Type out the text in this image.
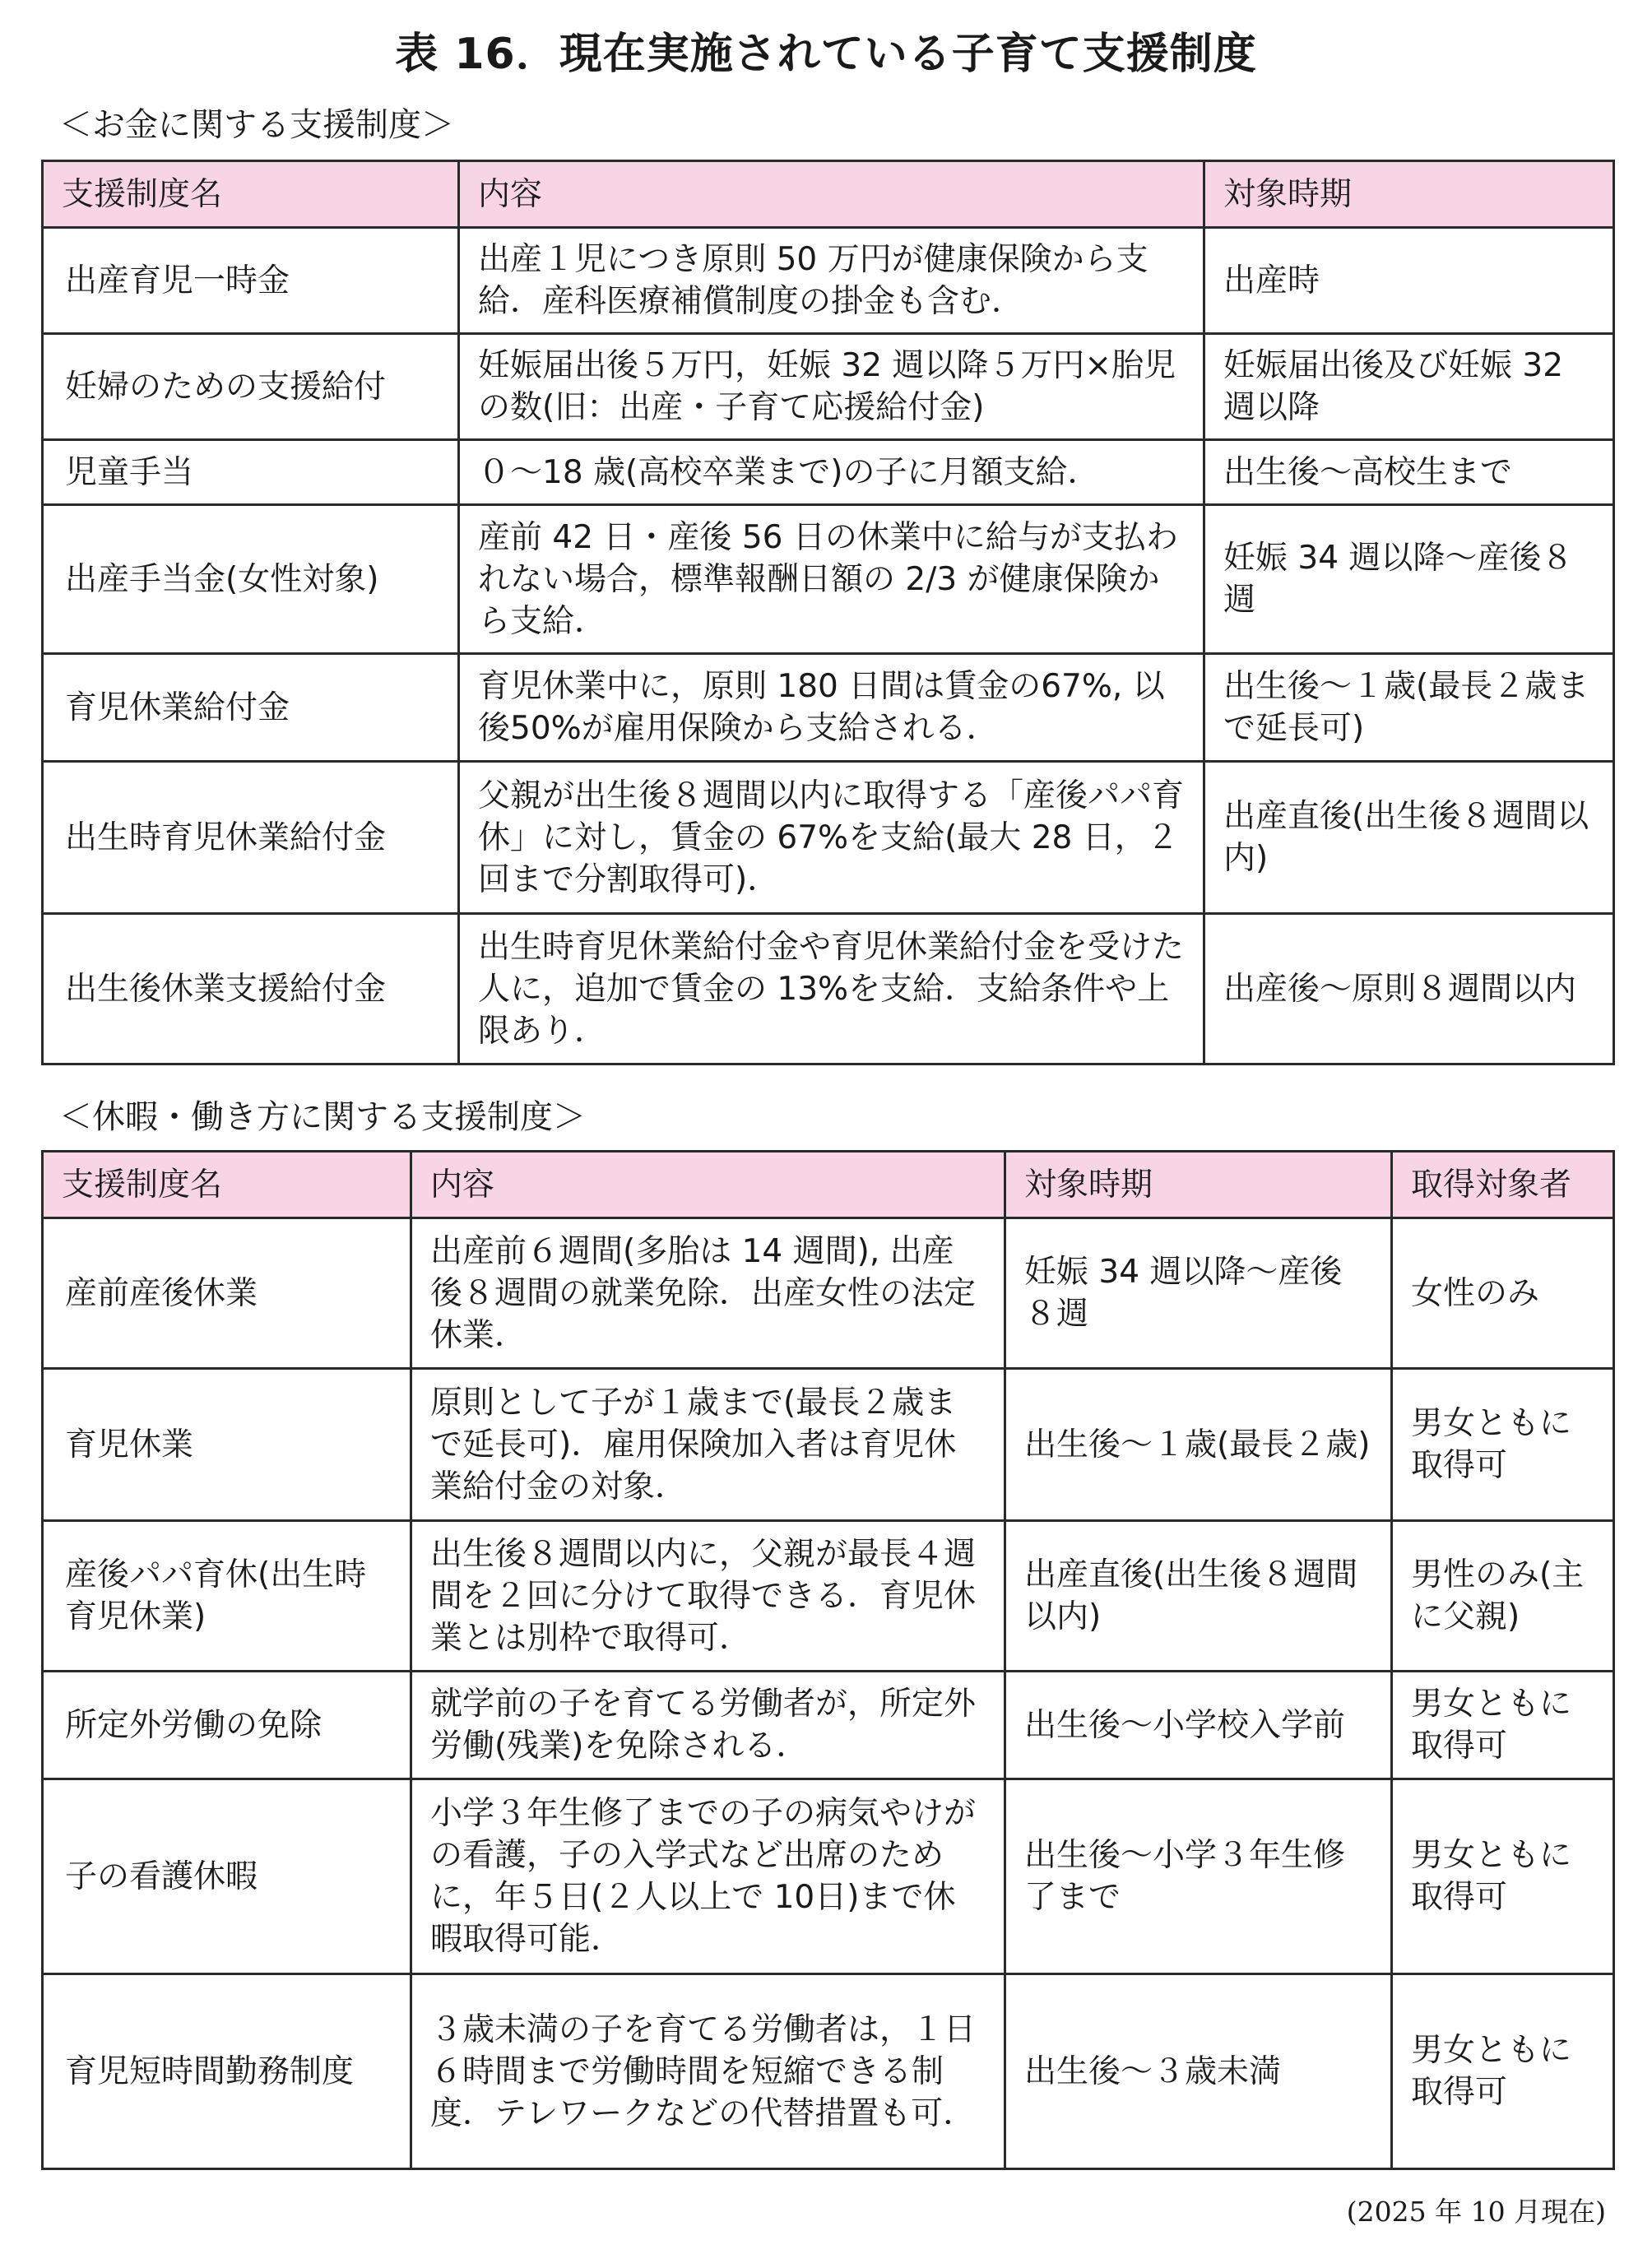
表 16．現在実施されている子育て支援制度
＜お金に関する支援制度＞
支援制度名	内容	対象時期
出産育児一時金	出産１児につき原則 50 万円が健康保険から支給．産科医療補償制度の掛金も含む．	出産時
妊婦のための支援給付	妊娠届出後５万円，妊娠 32 週以降５万円×胎児の数(旧：出産・子育て応援給付金)	妊娠届出後及び妊娠 32 週以降
児童手当	０～18 歳(高校卒業まで)の子に月額支給．	出生後～高校生まで
出産手当金(女性対象)	産前 42 日・産後 56 日の休業中に給与が支払われない場合，標準報酬日額の 2/3 が健康保険から支給．	妊娠 34 週以降～産後８週
育児休業給付金	育児休業中に，原則 180 日間は賃金の67%, 以後50%が雇用保険から支給される．	出生後～１歳(最長２歳まで延長可)
出生時育児休業給付金	父親が出生後８週間以内に取得する「産後パパ育休」に対し，賃金の 67%を支給(最大 28 日，２回まで分割取得可)．	出産直後(出生後８週間以内)
出生後休業支援給付金	出生時育児休業給付金や育児休業給付金を受けた人に，追加で賃金の 13%を支給．支給条件や上限あり．	出産後～原則８週間以内
＜休暇・働き方に関する支援制度＞
支援制度名	内容	対象時期	取得対象者
産前産後休業	出産前６週間(多胎は 14 週間), 出産後８週間の就業免除．出産女性の法定休業．	妊娠 34 週以降～産後８週	女性のみ
育児休業	原則として子が１歳まで(最長２歳まで延長可)．雇用保険加入者は育児休業給付金の対象．	出生後～１歳(最長２歳)	男女ともに取得可
産後パパ育休(出生時育児休業)	出生後８週間以内に，父親が最長４週間を２回に分けて取得できる．育児休業とは別枠で取得可．	出産直後(出生後８週間以内)	男性のみ(主に父親)
所定外労働の免除	就学前の子を育てる労働者が，所定外労働(残業)を免除される．	出生後～小学校入学前	男女ともに取得可
子の看護休暇	小学３年生修了までの子の病気やけがの看護，子の入学式など出席のために，年５日(２人以上で 10日)まで休暇取得可能．	出生後～小学３年生修了まで	男女ともに取得可
育児短時間勤務制度	３歳未満の子を育てる労働者は，１日６時間まで労働時間を短縮できる制度．テレワークなどの代替措置も可．	出生後～３歳未満	男女ともに取得可
(2025 年 10 月現在)
